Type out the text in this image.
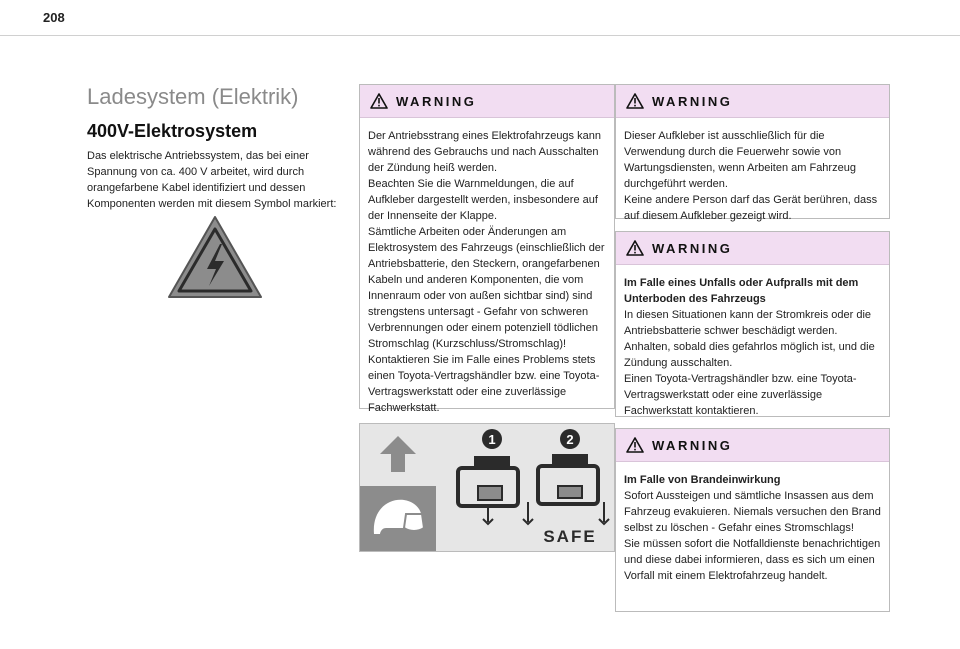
208
Ladesystem (Elektrik)
400V-Elektrosystem

Das elektrische Antriebssystem, das bei einer Spannung von ca. 400 V arbeitet, wird durch orangefarbene Kabel identifiziert und dessen Komponenten werden mit diesem Symbol markiert:

WARNING

Der Antriebsstrang eines Elektrofahrzeugs kann während des Gebrauchs und nach Ausschalten der Zündung heiß werden.

Beachten Sie die Warnmeldungen, die auf Aufkleber dargestellt werden, insbesondere auf der Innenseite der Klappe.

Sämtliche Arbeiten oder Änderungen am Elektrosystem des Fahrzeugs (einschließlich der Antriebsbatterie, den Steckern, orangefarbenen Kabeln und anderen Komponenten, die vom Innenraum oder von außen sichtbar sind) sind strengstens untersagt - Gefahr von schweren Verbrennungen oder einem potenziell tödlichen Stromschlag (Kurzschluss/Stromschlag)!

Kontaktieren Sie im Falle eines Problems stets einen Toyota-Vertragshändler bzw. eine Toyota-Vertragswerkstatt oder eine zuverlässige Fachwerkstatt.

1	2
SAFE
WARNING

Dieser Aufkleber ist ausschließlich für die Verwendung durch die Feuerwehr sowie von Wartungsdiensten, wenn Arbeiten am Fahrzeug durchgeführt werden.

Keine andere Person darf das Gerät berühren, dass auf diesem Aufkleber gezeigt wird.

WARNING

Im Falle eines Unfalls oder Aufpralls mit dem Unterboden des Fahrzeugs

In diesen Situationen kann der Stromkreis oder die Antriebsbatterie schwer beschädigt werden.

Anhalten, sobald dies gefahrlos möglich ist, und die Zündung ausschalten.

Einen Toyota-Vertragshändler bzw. eine Toyota-Vertragswerkstatt oder eine zuverlässige Fachwerkstatt kontaktieren.

WARNING

Im Falle von Brandeinwirkung

Sofort Aussteigen und sämtliche Insassen aus dem Fahrzeug evakuieren. Niemals versuchen den Brand selbst zu löschen - Gefahr eines Stromschlags!

Sie müssen sofort die Notfalldienste benachrichtigen und diese dabei informieren, dass es sich um einen Vorfall mit einem Elektrofahrzeug handelt.
